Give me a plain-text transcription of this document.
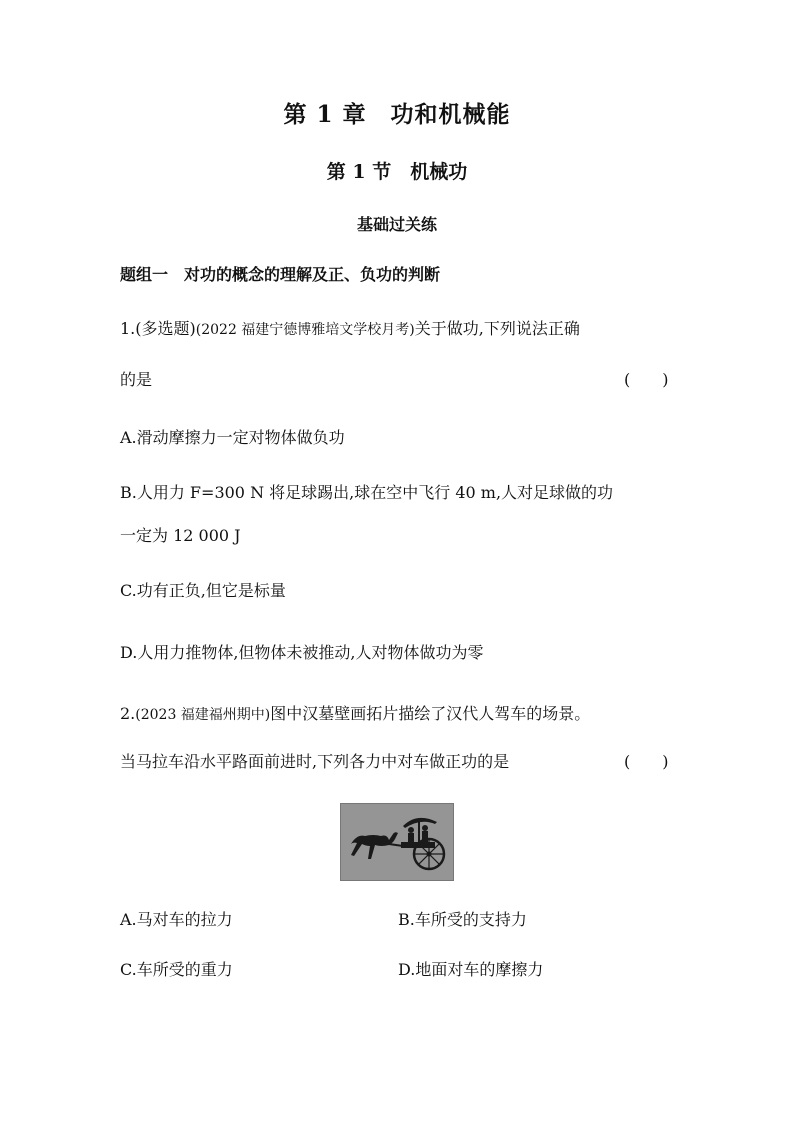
第 1 章　功和机械能
第 1 节　机械功
基础过关练
题组一　对功的概念的理解及正、负功的判断
1.(多选题)(2022 福建宁德博雅培文学校月考)关于做功,下列说法正确
的是	(　　)
A.滑动摩擦力一定对物体做负功
B.人用力 F=300 N 将足球踢出,球在空中飞行 40 m,人对足球做的功
一定为 12 000 J
C.功有正负,但它是标量
D.人用力推物体,但物体未被推动,人对物体做功为零
2.(2023 福建福州期中)图中汉墓壁画拓片描绘了汉代人驾车的场景。
当马拉车沿水平路面前进时,下列各力中对车做正功的是	(　　)
A.马对车的拉力	B.车所受的支持力
C.车所受的重力	D.地面对车的摩擦力
